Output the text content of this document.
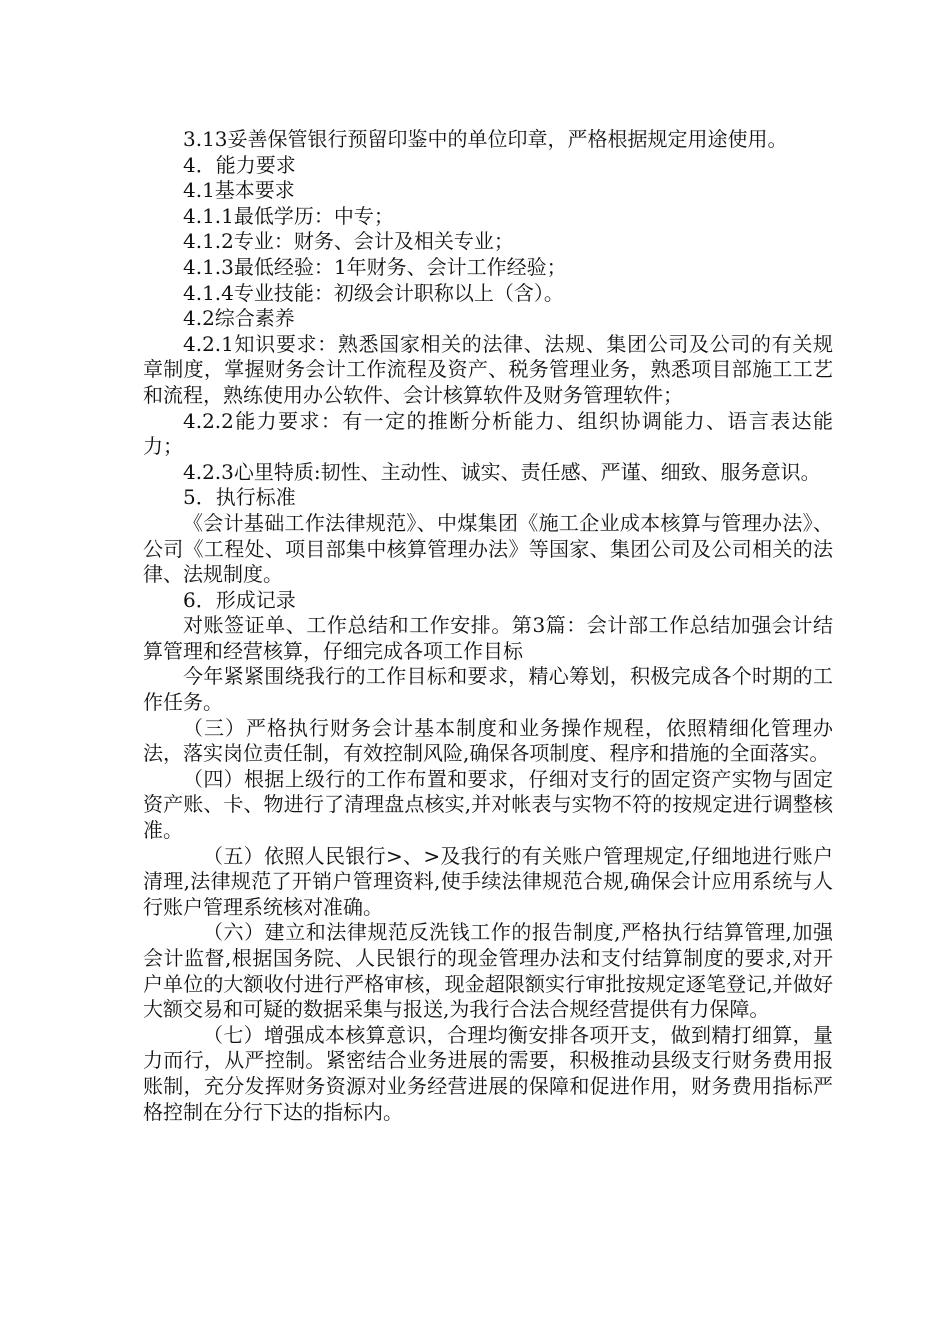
3.13妥善保管银行预留印鉴中的单位印章，严格根据规定用途使用。

4．能力要求

4.1基本要求

4.1.1最低学历：中专；

4.1.2专业：财务、会计及相关专业；

4.1.3最低经验：1年财务、会计工作经验；

4.1.4专业技能：初级会计职称以上（含）。

4.2综合素养

4.2.1知识要求：熟悉国家相关的法律、法规、集团公司及公司的有关规章制度，掌握财务会计工作流程及资产、税务管理业务，熟悉项目部施工工艺和流程，熟练使用办公软件、会计核算软件及财务管理软件；

4.2.2能力要求：有一定的推断分析能力、组织协调能力、语言表达能力；

4.2.3心里特质:韧性、主动性、诚实、责任感、严谨、细致、服务意识。

5．执行标准

《会计基础工作法律规范》、中煤集团《施工企业成本核算与管理办法》、公司《工程处、项目部集中核算管理办法》等国家、集团公司及公司相关的法律、法规制度。

6．形成记录

对账签证单、工作总结和工作安排。第3篇：会计部工作总结加强会计结算管理和经营核算，仔细完成各项工作目标

今年紧紧围绕我行的工作目标和要求，精心筹划，积极完成各个时期的工作任务。

（三）严格执行财务会计基本制度和业务操作规程，依照精细化管理办法，落实岗位责任制，有效控制风险,确保各项制度、程序和措施的全面落实。

（四）根据上级行的工作布置和要求，仔细对支行的固定资产实物与固定资产账、卡、物进行了清理盘点核实,并对帐表与实物不符的按规定进行调整核准。

（五）依照人民银行>、>及我行的有关账户管理规定,仔细地进行账户清理,法律规范了开销户管理资料,使手续法律规范合规,确保会计应用系统与人行账户管理系统核对准确。

（六）建立和法律规范反洗钱工作的报告制度,严格执行结算管理,加强会计监督,根据国务院、人民银行的现金管理办法和支付结算制度的要求,对开户单位的大额收付进行严格审核，现金超限额实行审批按规定逐笔登记,并做好大额交易和可疑的数据采集与报送,为我行合法合规经营提供有力保障。

（七）增强成本核算意识，合理均衡安排各项开支，做到精打细算，量力而行，从严控制。紧密结合业务进展的需要，积极推动县级支行财务费用报账制，充分发挥财务资源对业务经营进展的保障和促进作用，财务费用指标严格控制在分行下达的指标内。
